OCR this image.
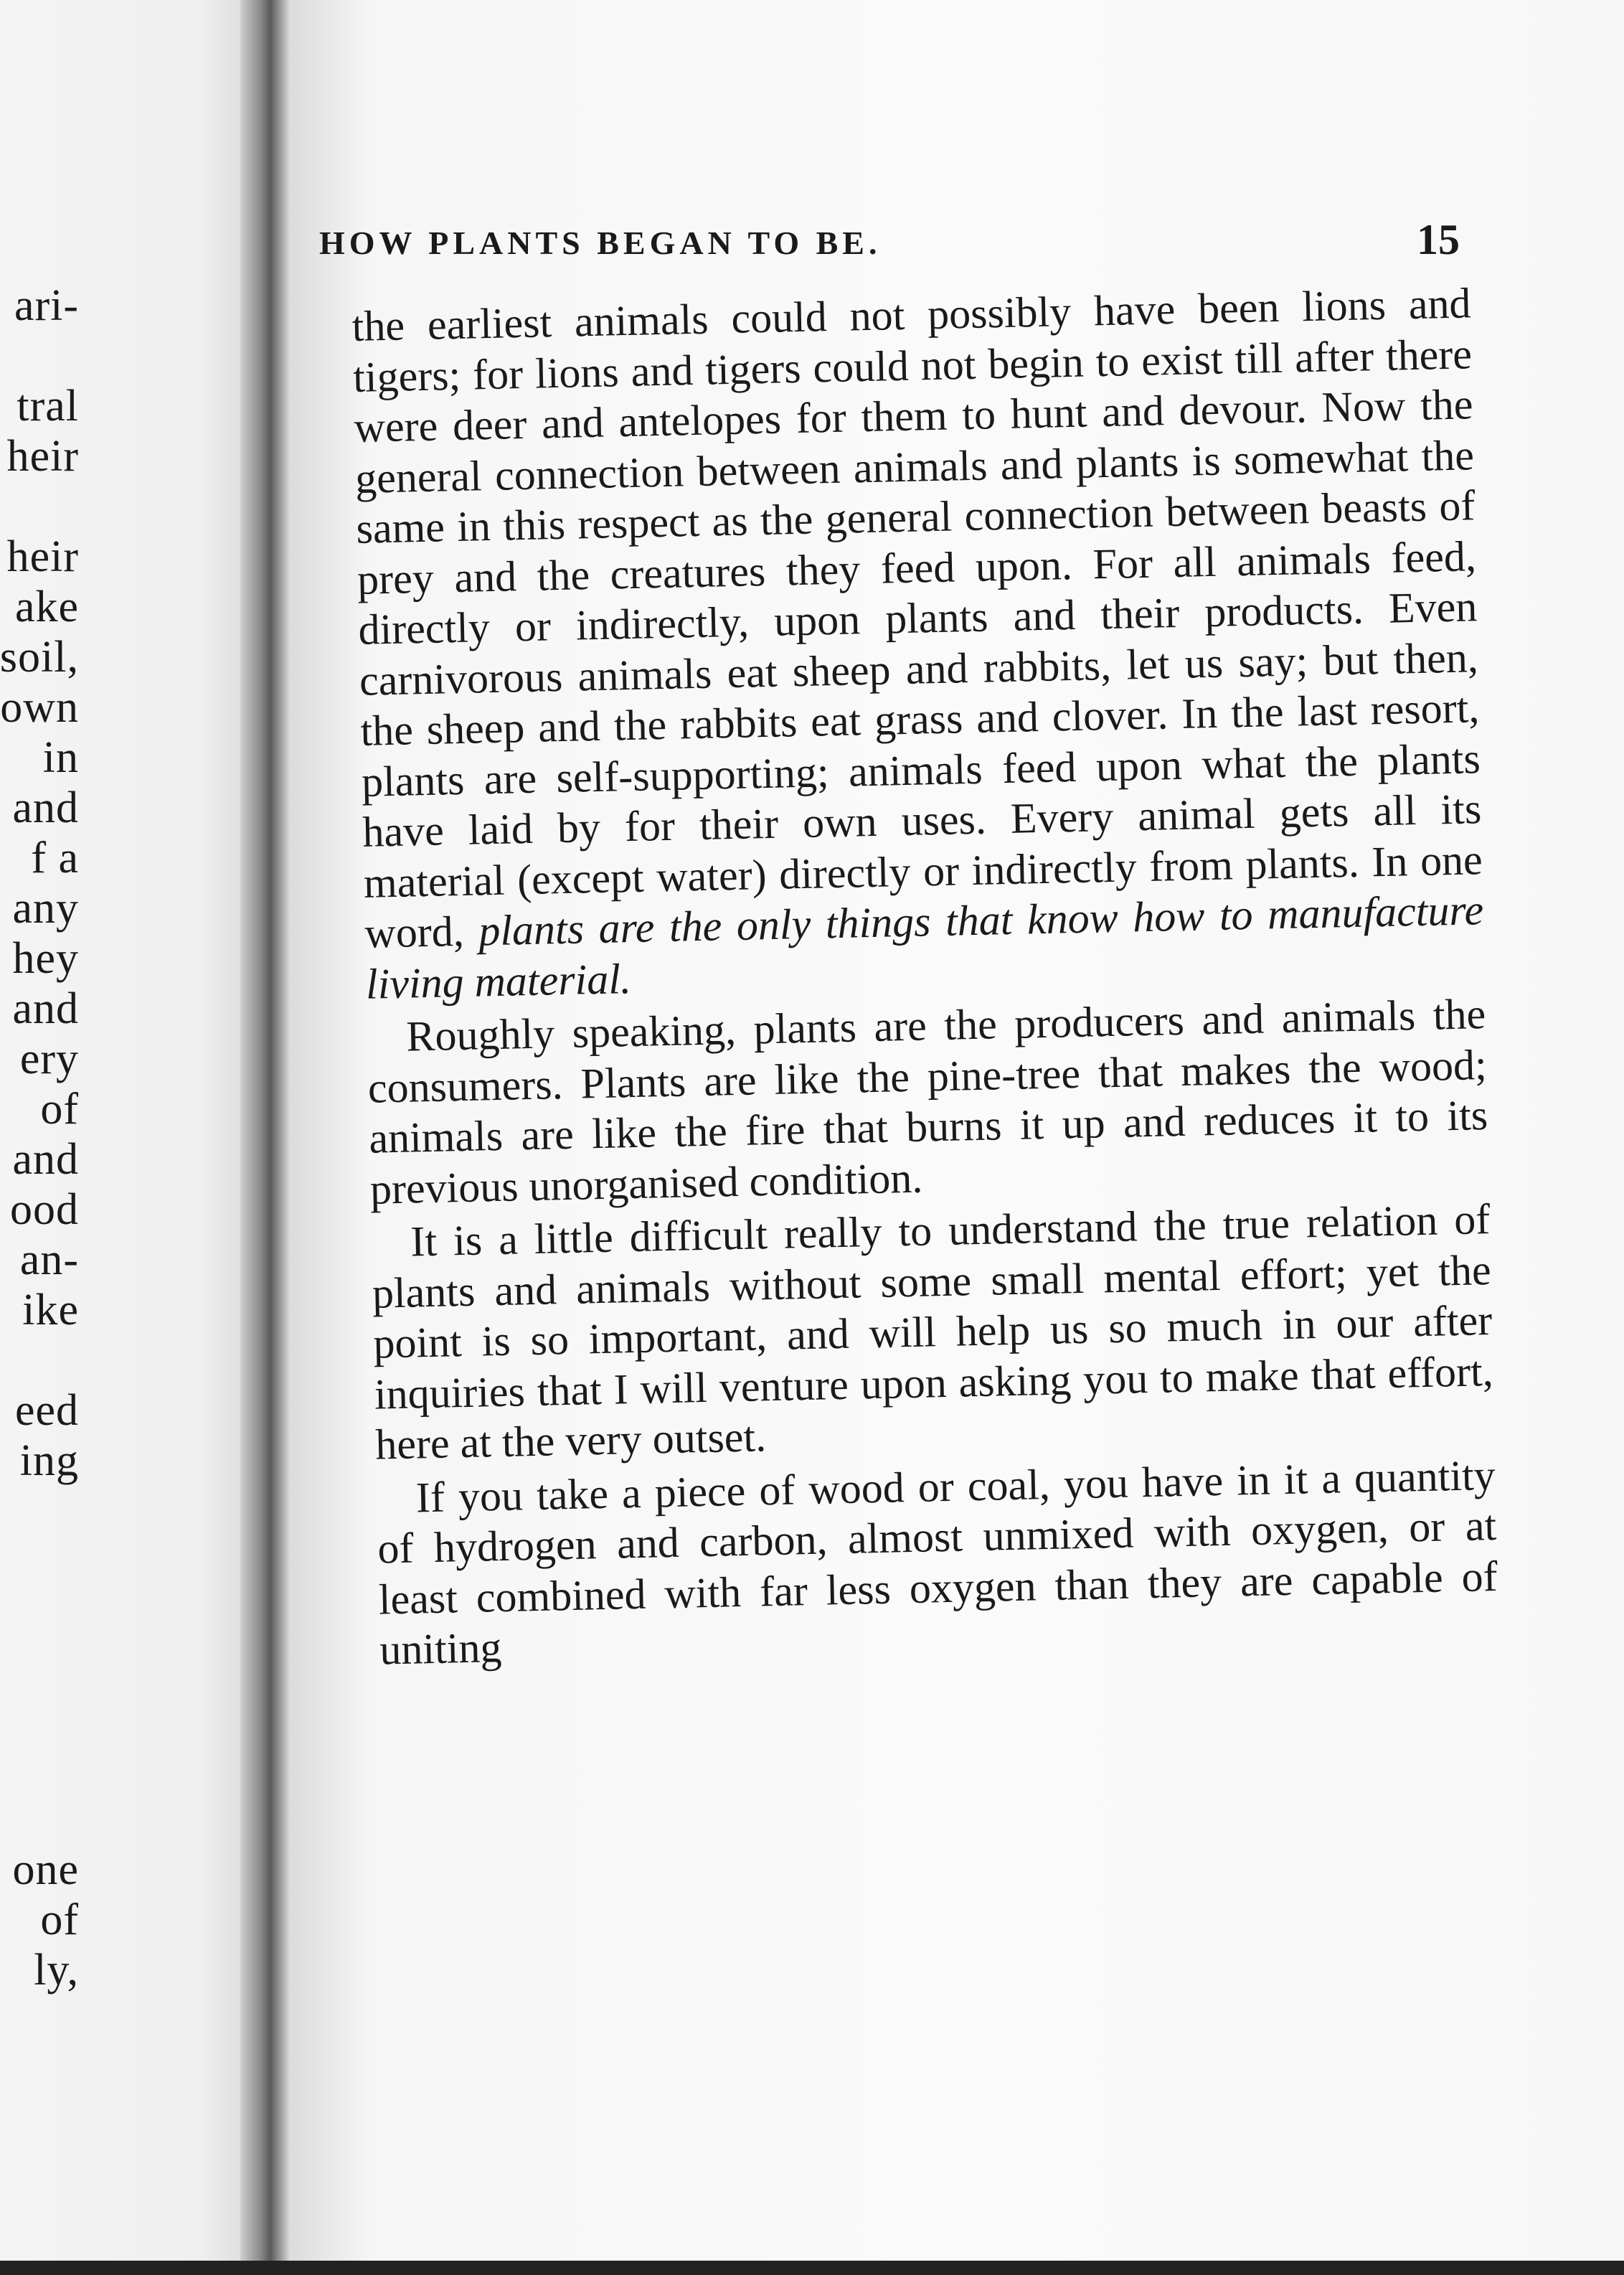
ari-
tral
heir
heir
ake
soil,
own
in
and
f a
any
hey
and
ery
of
and
ood
an-
ike
eed
ing
one
of
ly,
HOW PLANTS BEGAN TO BE.	15

the earliest animals could not possibly have been lions and tigers; for lions and tigers could not begin to exist till after there were deer and antelopes for them to hunt and devour. Now the general connection between animals and plants is somewhat the same in this respect as the general connection between beasts of prey and the creatures they feed upon. For all animals feed, directly or indirectly, upon plants and their products. Even carnivorous animals eat sheep and rabbits, let us say; but then, the sheep and the rabbits eat grass and clover. In the last resort, plants are self-supporting; animals feed upon what the plants have laid by for their own uses. Every animal gets all its material (except water) directly or indirectly from plants. In one word, plants are the only things that know how to manufacture living material.

Roughly speaking, plants are the producers and animals the consumers. Plants are like the pine-tree that makes the wood; animals are like the fire that burns it up and reduces it to its previous unorganised condition.

It is a little difficult really to understand the true relation of plants and animals without some small mental effort; yet the point is so important, and will help us so much in our after inquiries that I will venture upon asking you to make that effort, here at the very outset.

If you take a piece of wood or coal, you have in it a quantity of hydrogen and carbon, almost unmixed with oxygen, or at least combined with far less oxygen than they are capable of uniting
